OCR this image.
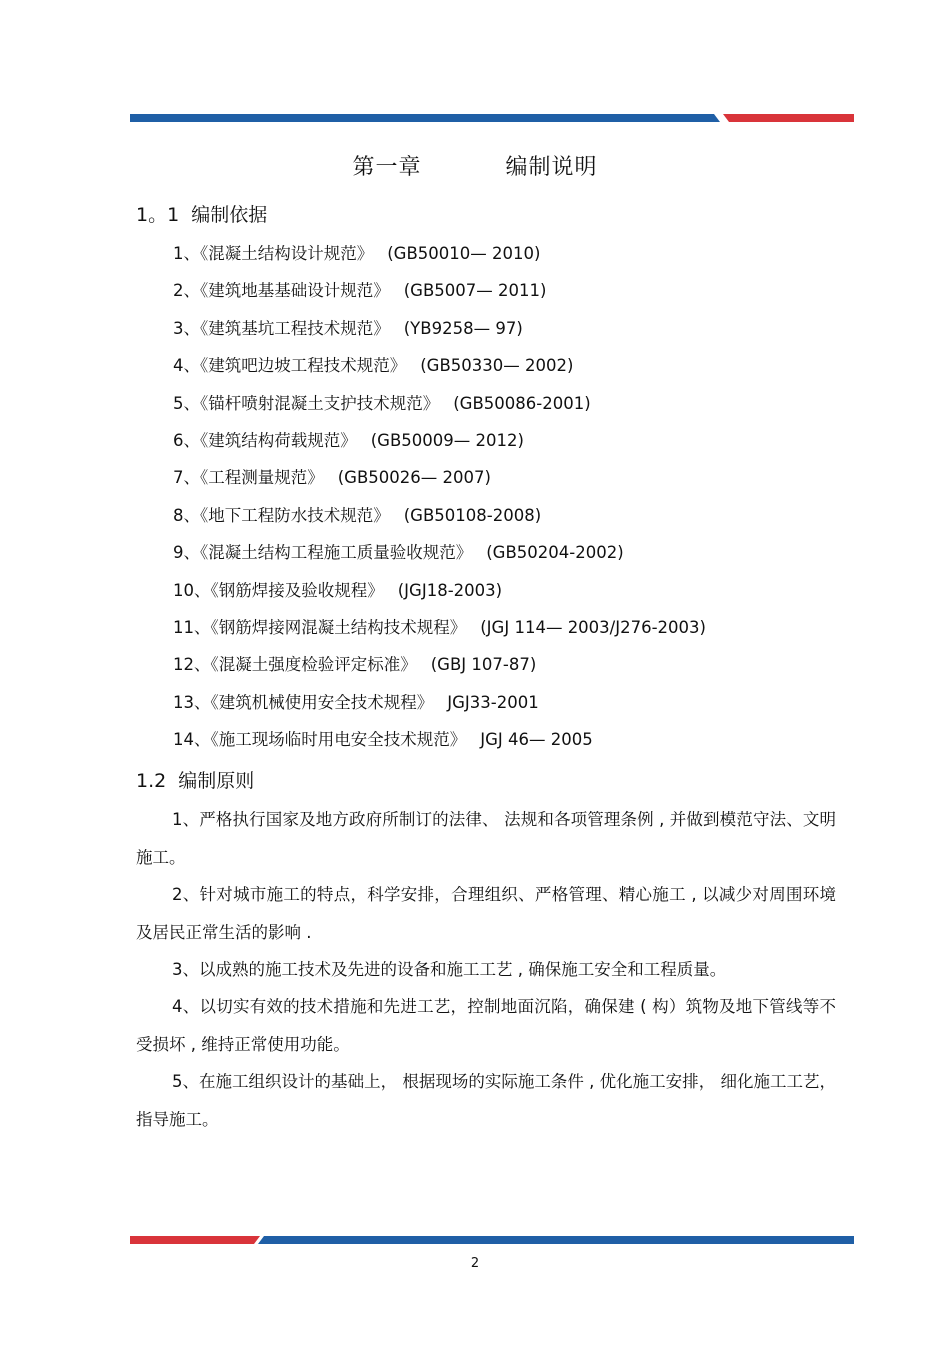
第一章   编制说明
1。1  编制依据
1、《混凝土结构设计规范》 (GB50010— 2010)
2、《建筑地基基础设计规范》 (GB5007— 2011)
3、《建筑基坑工程技术规范》 (YB9258— 97)
4、《建筑吧边坡工程技术规范》 (GB50330— 2002)
5、《锚杆喷射混凝土支护技术规范》 (GB50086-2001)
6、《建筑结构荷载规范》 (GB50009— 2012)
7、《工程测量规范》 (GB50026— 2007)
8、《地下工程防水技术规范》 (GB50108-2008)
9、《混凝土结构工程施工质量验收规范》 (GB50204-2002)
10、《钢筋焊接及验收规程》 (JGJ18-2003)
11、《钢筋焊接网混凝土结构技术规程》 (JGJ 114— 2003/J276-2003)
12、《混凝土强度检验评定标准》 (GBJ 107-87)
13、《建筑机械使用安全技术规程》 JGJ33-2001
14、《施工现场临时用电安全技术规范》 JGJ 46— 2005
1.2  编制原则

1、严格执行国家及地方政府所制订的法律、 法规和各项管理条例 , 并做到模范守法、文明施工。

2、针对城市施工的特点，科学安排，合理组织、严格管理、精心施工 , 以减少对周围环境及居民正常生活的影响 .

3、以成熟的施工技术及先进的设备和施工工艺 , 确保施工安全和工程质量。

4、以切实有效的技术措施和先进工艺，控制地面沉陷，确保建 ( 构）筑物及地下管线等不受损坏 , 维持正常使用功能。

5、在施工组织设计的基础上， 根据现场的实际施工条件 , 优化施工安排， 细化施工工艺，指导施工。

2
